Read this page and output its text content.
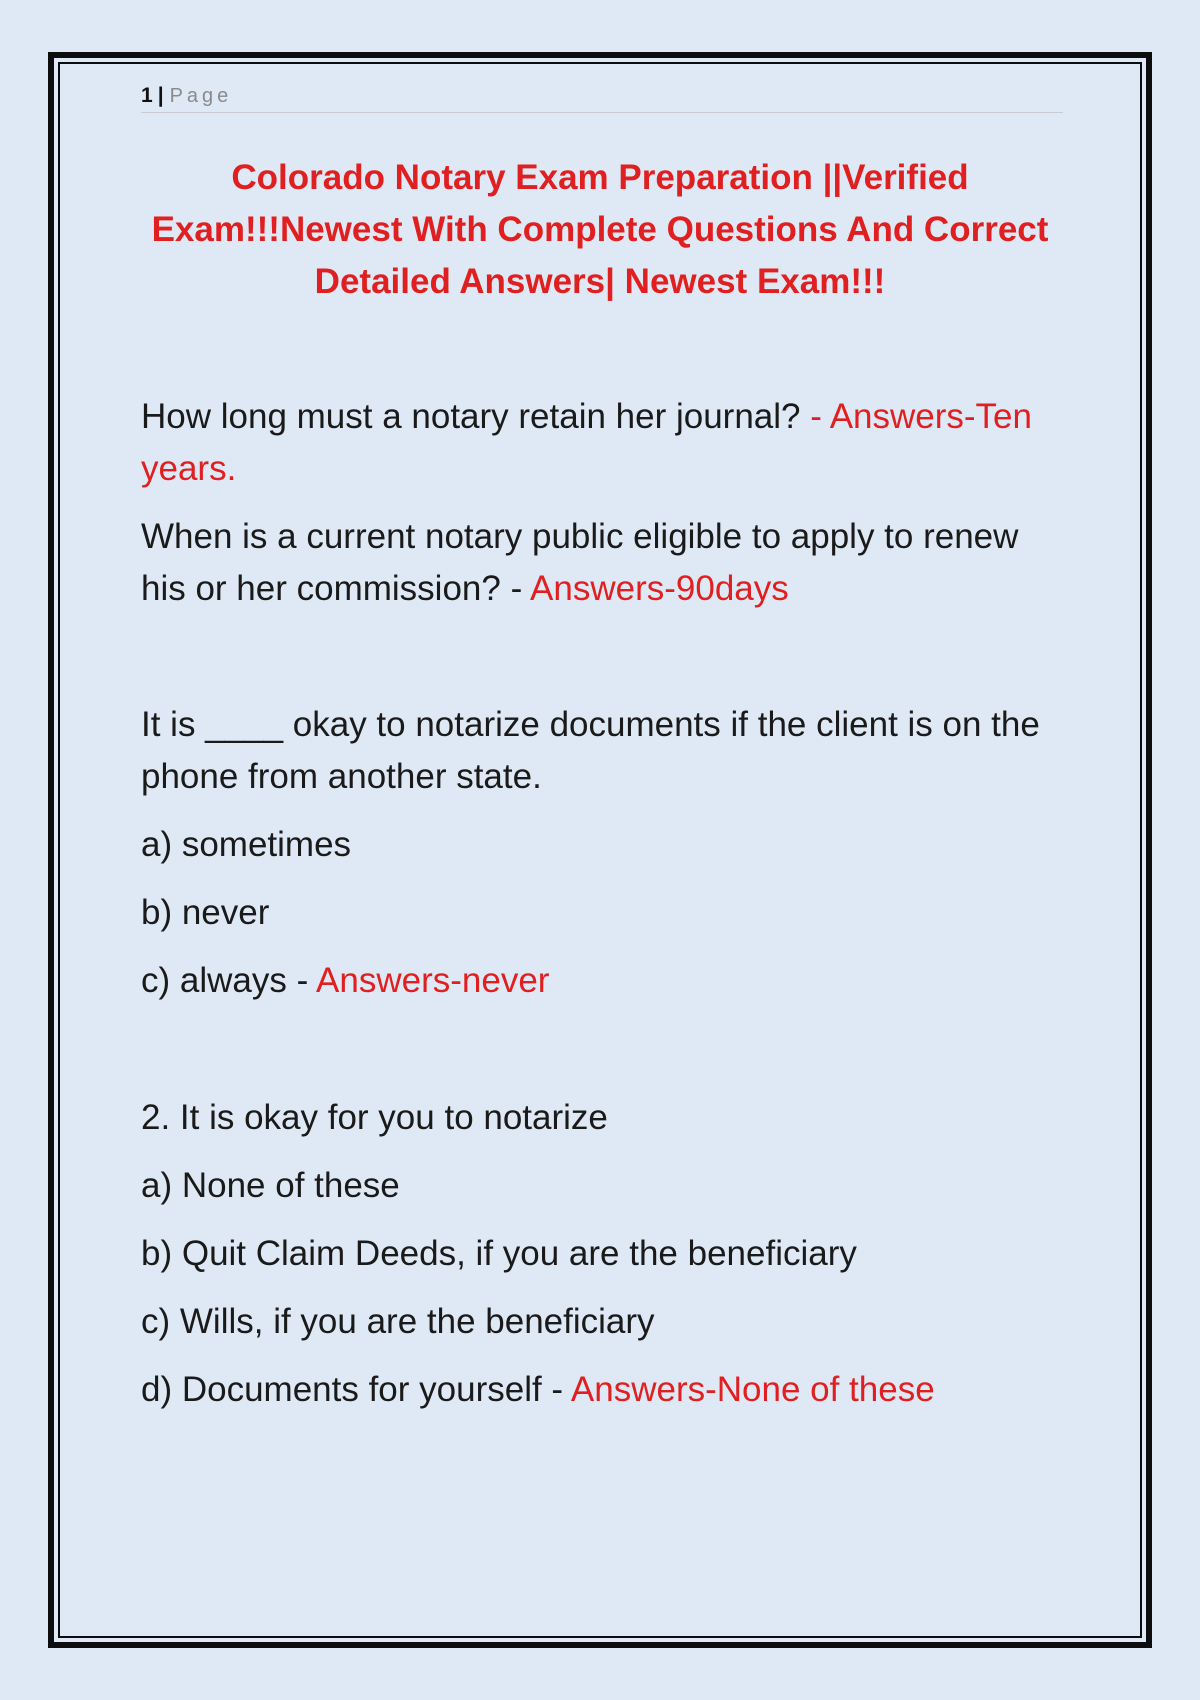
1 | Page
Colorado Notary Exam Preparation ||Verified Exam!!!Newest With Complete Questions And Correct Detailed Answers| Newest Exam!!!

How long must a notary retain her journal? - Answers-Ten years.

When is a current notary public eligible to apply to renew his or her commission? - Answers-90days

It is ____ okay to notarize documents if the client is on the phone from another state.

a) sometimes

b) never

c) always - Answers-never

2. It is okay for you to notarize

a) None of these

b) Quit Claim Deeds, if you are the beneficiary

c) Wills, if you are the beneficiary

d) Documents for yourself - Answers-None of these
